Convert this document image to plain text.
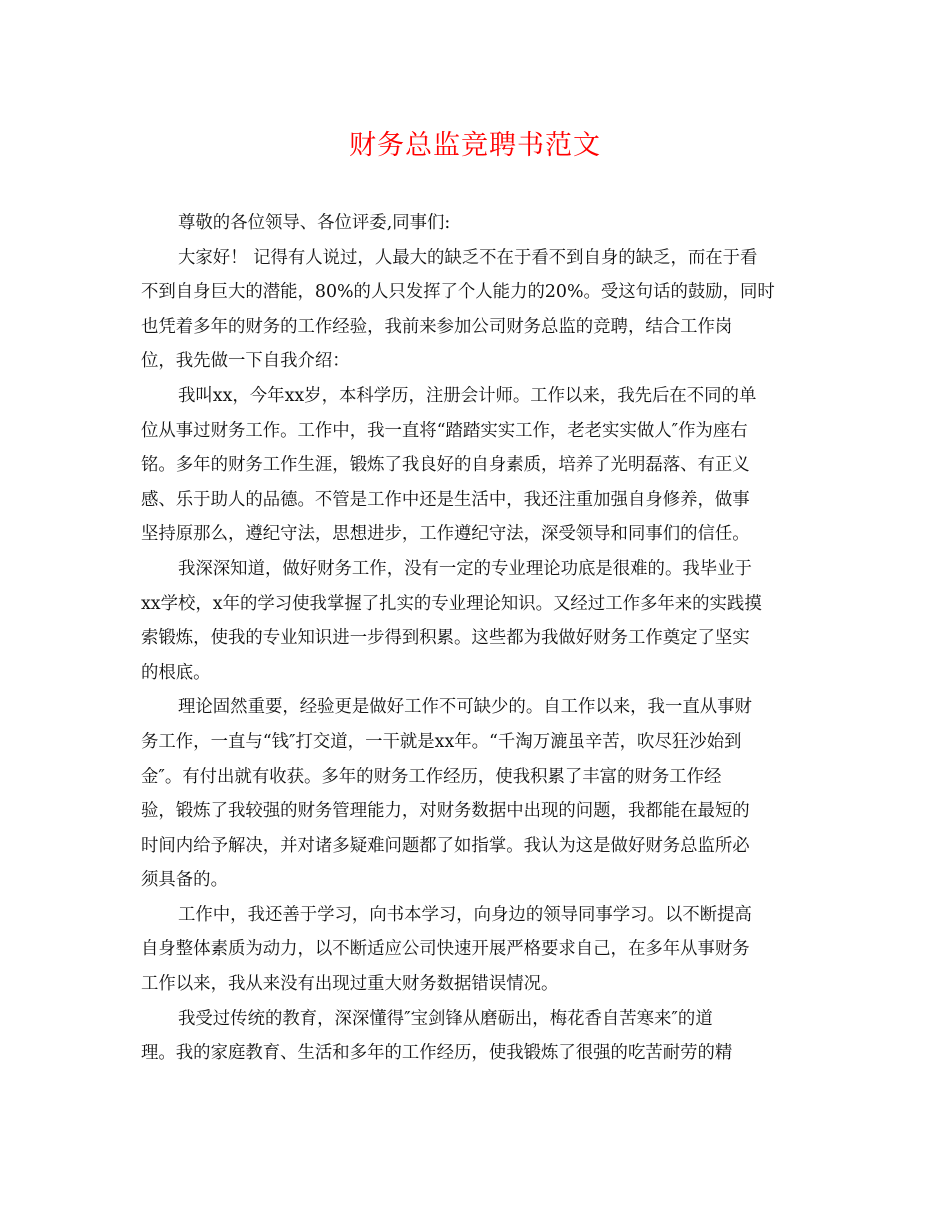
财务总监竞聘书范文
尊敬的各位领导、各位评委,同事们:
大家好！ 记得有人说过，人最大的缺乏不在于看不到自身的缺乏，而在于看
不到自身巨大的潜能，80%的人只发挥了个人能力的20%。受这句话的鼓励，同时
也凭着多年的财务的工作经验，我前来参加公司财务总监的竞聘，结合工作岗
位，我先做一下自我介绍：
我叫xx，今年xx岁，本科学历，注册会计师。工作以来，我先后在不同的单
位从事过财务工作。工作中，我一直将“踏踏实实工作，老老实实做人″作为座右
铭。多年的财务工作生涯，锻炼了我良好的自身素质，培养了光明磊落、有正义
感、乐于助人的品德。不管是工作中还是生活中，我还注重加强自身修养，做事
坚持原那么，遵纪守法，思想进步，工作遵纪守法，深受领导和同事们的信任。
我深深知道，做好财务工作，没有一定的专业理论功底是很难的。我毕业于
xx学校，x年的学习使我掌握了扎实的专业理论知识。又经过工作多年来的实践摸
索锻炼，使我的专业知识进一步得到积累。这些都为我做好财务工作奠定了坚实
的根底。
理论固然重要，经验更是做好工作不可缺少的。自工作以来，我一直从事财
务工作，一直与“钱″打交道，一干就是xx年。“千淘万漉虽辛苦，吹尽狂沙始到
金″。有付出就有收获。多年的财务工作经历，使我积累了丰富的财务工作经
验，锻炼了我较强的财务管理能力，对财务数据中出现的问题，我都能在最短的
时间内给予解决，并对诸多疑难问题都了如指掌。我认为这是做好财务总监所必
须具备的。
工作中，我还善于学习，向书本学习，向身边的领导同事学习。以不断提高
自身整体素质为动力，以不断适应公司快速开展严格要求自己，在多年从事财务
工作以来，我从来没有出现过重大财务数据错误情况。
我受过传统的教育，深深懂得″宝剑锋从磨砺出，梅花香自苦寒来″的道
理。我的家庭教育、生活和多年的工作经历，使我锻炼了很强的吃苦耐劳的精
